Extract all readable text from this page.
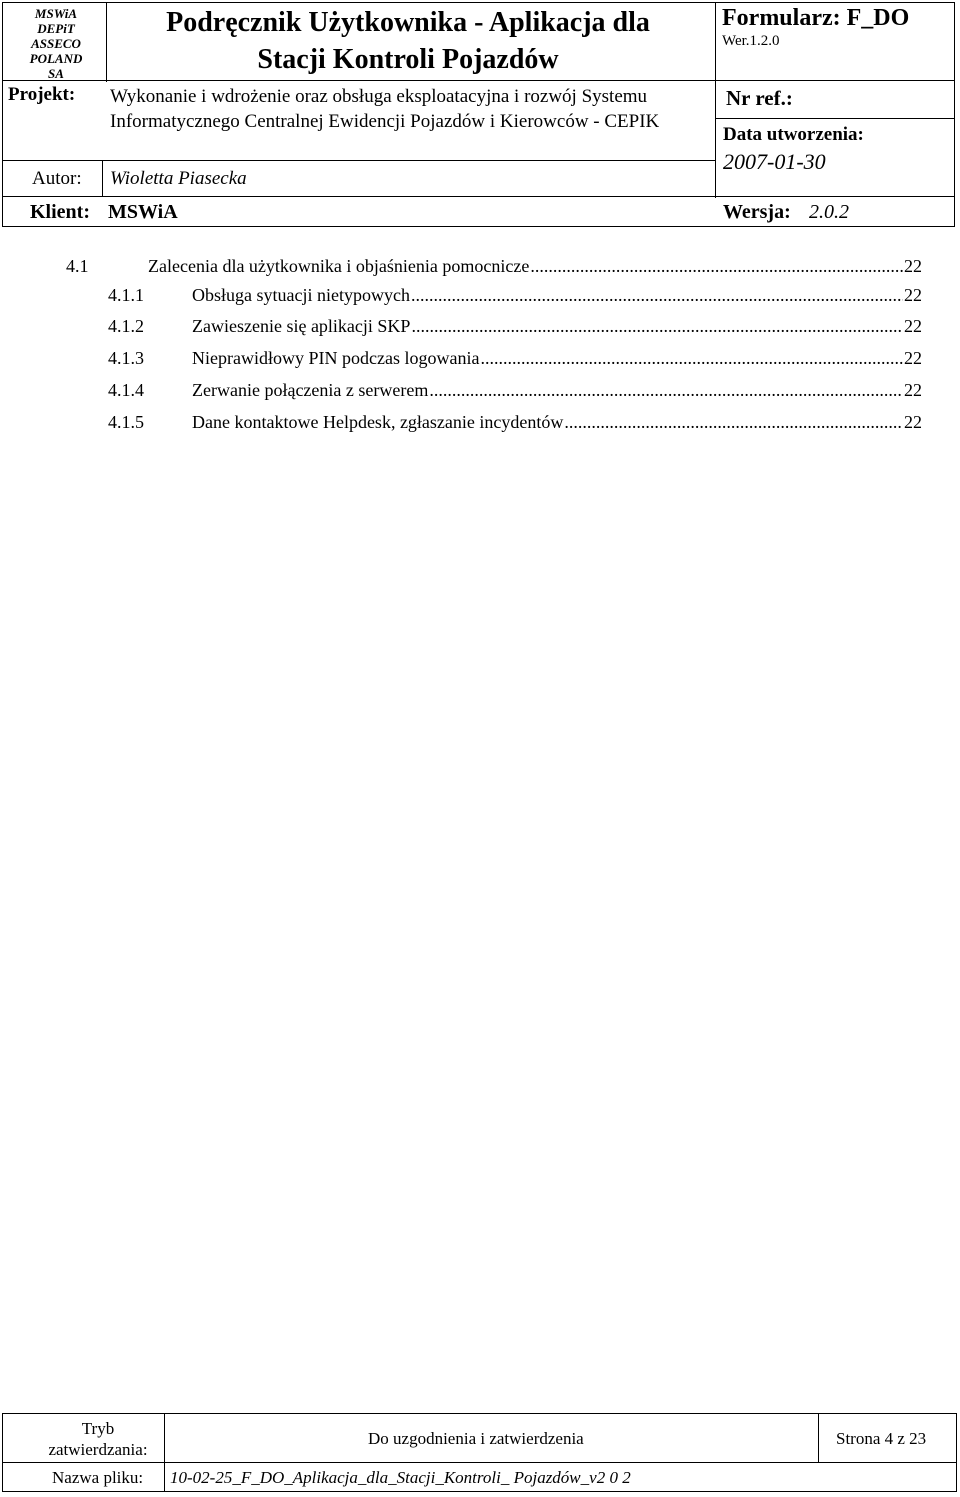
MSWiA
DEPiT
ASSECO
POLAND
SA
Podręcznik Użytkownika - Aplikacja dla
Stacji Kontroli Pojazdów
Formularz: F_DO
Wer.1.2.0
Projekt: Wykonanie i wdrożenie oraz obsługa eksploatacyjna i rozwój Systemu Informatycznego Centralnej Ewidencji Pojazdów i Kierowców - CEPIK
Nr ref.:
Data utworzenia:
2007-01-30
Autor: Wioletta Piasecka
Klient: MSWiA	Wersja: 2.0.2
4.1	Zalecenia dla użytkownika i objaśnienia pomocnicze .....	22
4.1.1	Obsługa sytuacji nietypowych .....	22
4.1.2	Zawieszenie się aplikacji SKP .....	22
4.1.3	Nieprawidłowy PIN podczas logowania .....	22
4.1.4	Zerwanie połączenia z serwerem .....	22
4.1.5	Dane kontaktowe Helpdesk, zgłaszanie incydentów .....	22
Tryb zatwierdzania:
Do uzgodnienia i zatwierdzenia	Strona 4 z 23
Nazwa pliku: 10-02-25_F_DO_Aplikacja_dla_Stacji_Kontroli_ Pojazdów_v2 0 2
